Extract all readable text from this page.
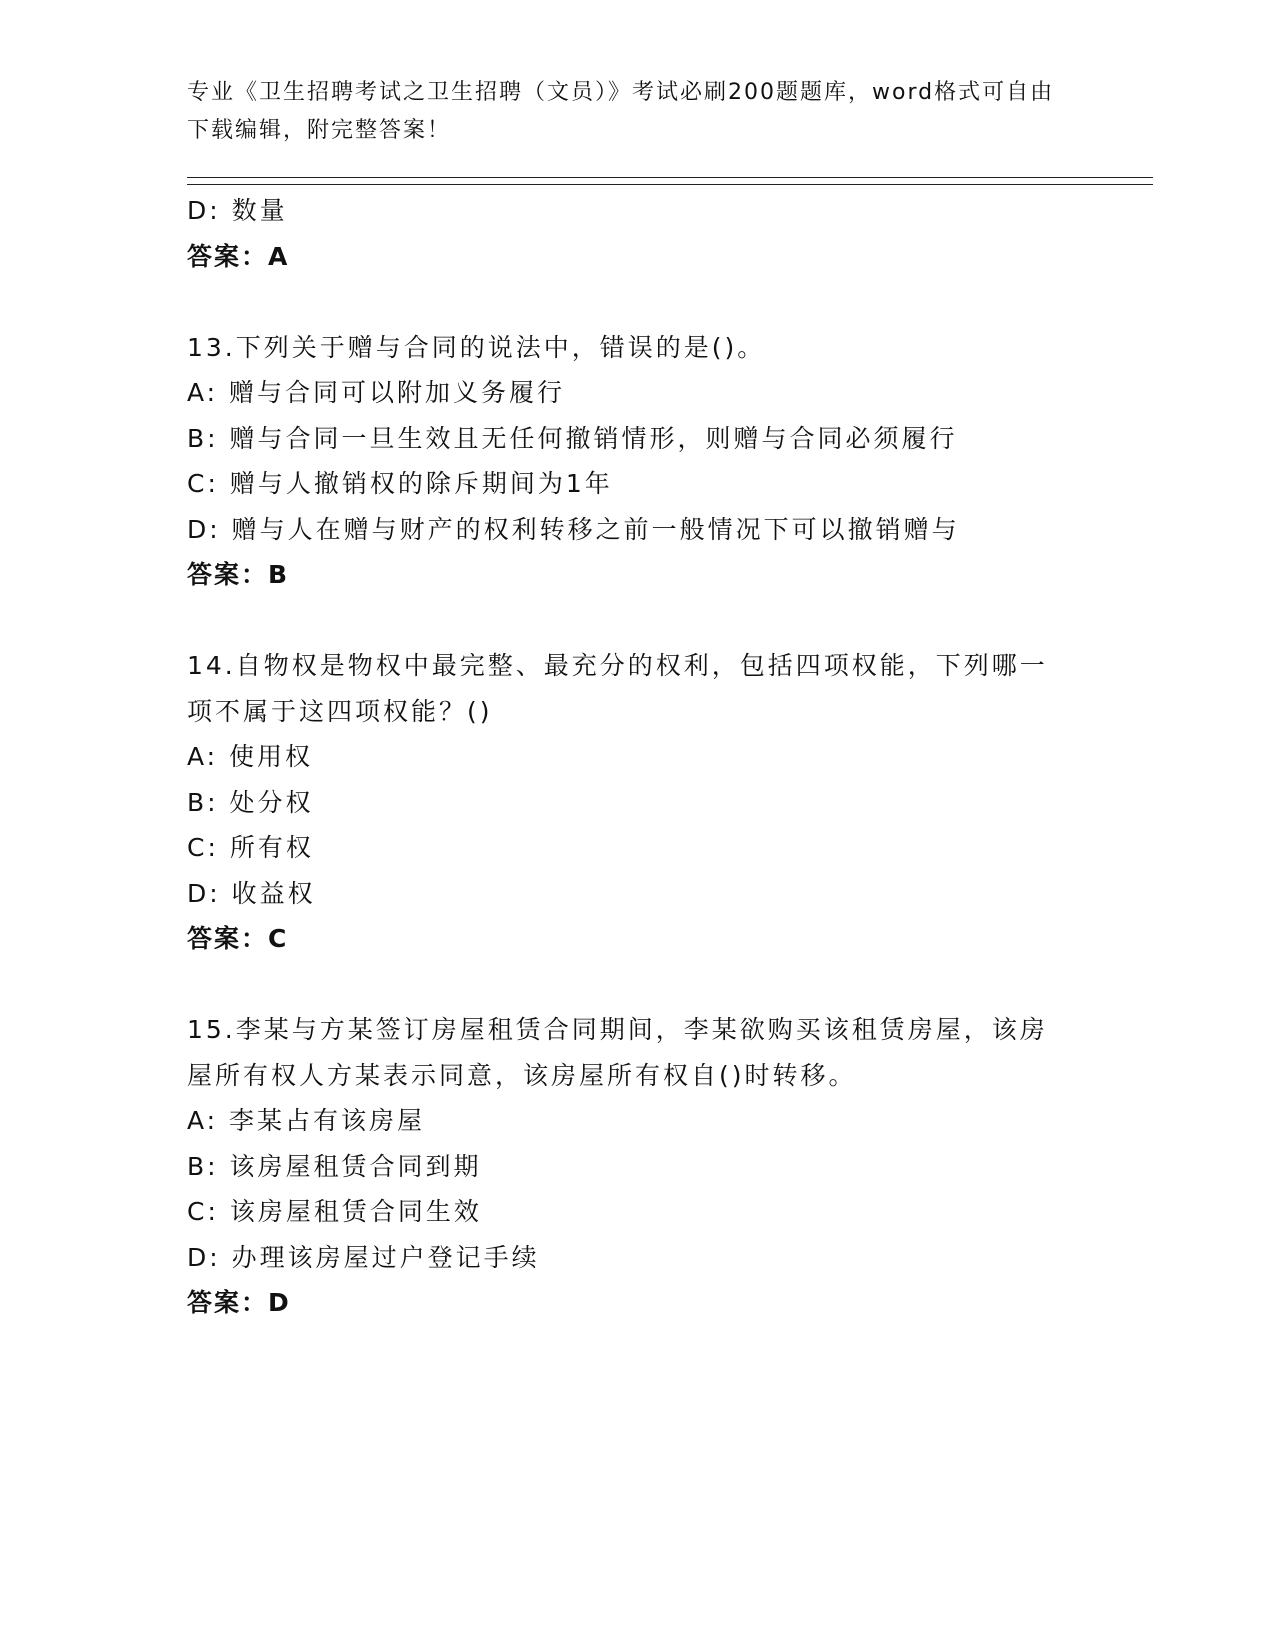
专业《卫生招聘考试之卫生招聘（文员）》考试必刷200题题库，word格式可自由下载编辑，附完整答案！
D: 数量
答案：A
13.下列关于赠与合同的说法中，错误的是()。
A: 赠与合同可以附加义务履行
B: 赠与合同一旦生效且无任何撤销情形，则赠与合同必须履行
C: 赠与人撤销权的除斥期间为1年
D: 赠与人在赠与财产的权利转移之前一般情况下可以撤销赠与
答案：B
14.自物权是物权中最完整、最充分的权利，包括四项权能，下列哪一
项不属于这四项权能？()
A: 使用权
B: 处分权
C: 所有权
D: 收益权
答案：C
15.李某与方某签订房屋租赁合同期间，李某欲购买该租赁房屋，该房
屋所有权人方某表示同意，该房屋所有权自()时转移。
A: 李某占有该房屋
B: 该房屋租赁合同到期
C: 该房屋租赁合同生效
D: 办理该房屋过户登记手续
答案：D
